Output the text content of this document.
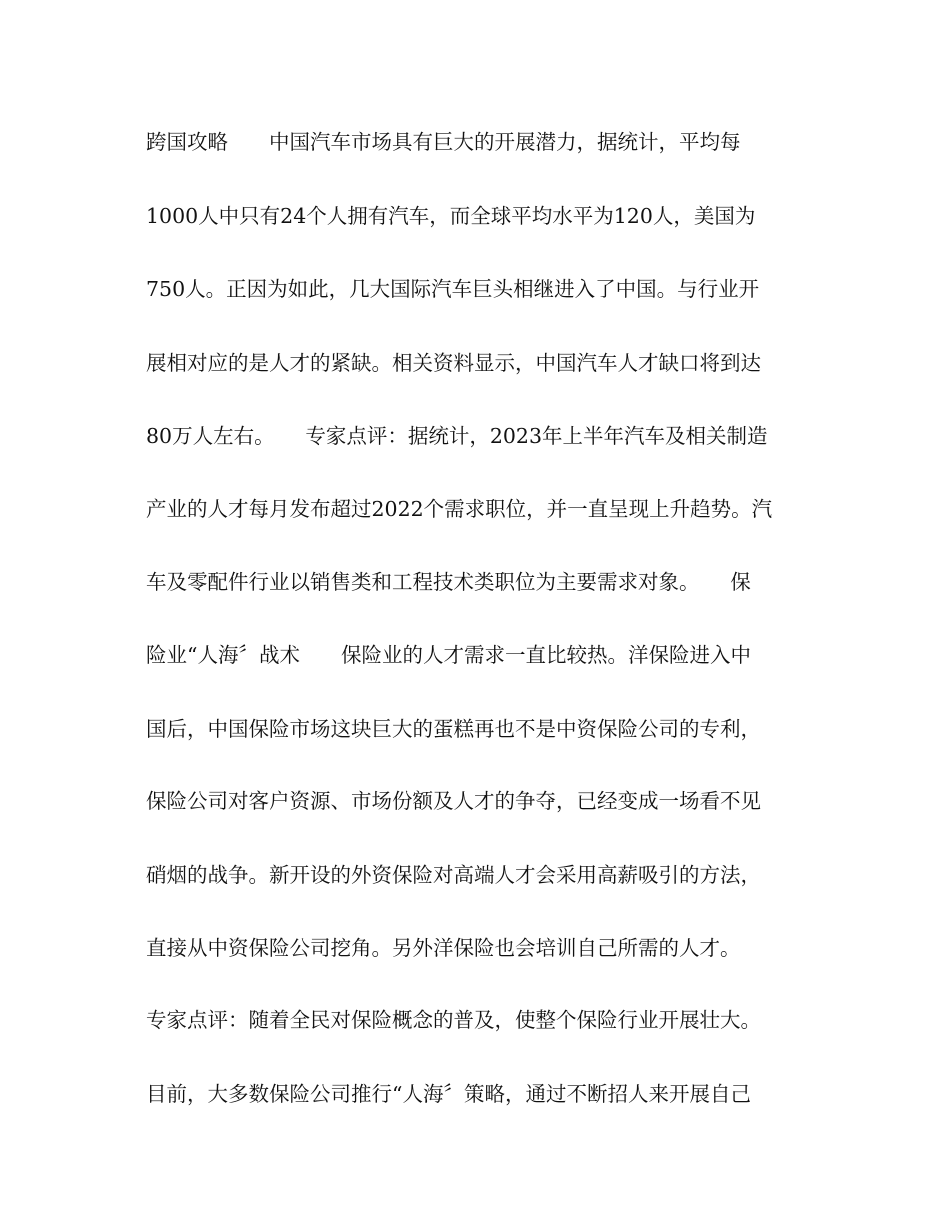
跨国攻略　　中国汽车市场具有巨大的开展潜力，据统计，平均每
1000人中只有24个人拥有汽车，而全球平均水平为120人，美国为
750人。正因为如此，几大国际汽车巨头相继进入了中国。与行业开
展相对应的是人才的紧缺。相关资料显示，中国汽车人才缺口将到达
80万人左右。　　专家点评：据统计，2023年上半年汽车及相关制造
产业的人才每月发布超过2022个需求职位，并一直呈现上升趋势。汽
车及零配件行业以销售类和工程技术类职位为主要需求对象。　　保
险业“人海〞战术　　保险业的人才需求一直比较热。洋保险进入中
国后，中国保险市场这块巨大的蛋糕再也不是中资保险公司的专利，
保险公司对客户资源、市场份额及人才的争夺，已经变成一场看不见
硝烟的战争。新开设的外资保险对高端人才会采用高薪吸引的方法，
直接从中资保险公司挖角。另外洋保险也会培训自己所需的人才。
专家点评：随着全民对保险概念的普及，使整个保险行业开展壮大。
目前，大多数保险公司推行“人海〞策略，通过不断招人来开展自己
